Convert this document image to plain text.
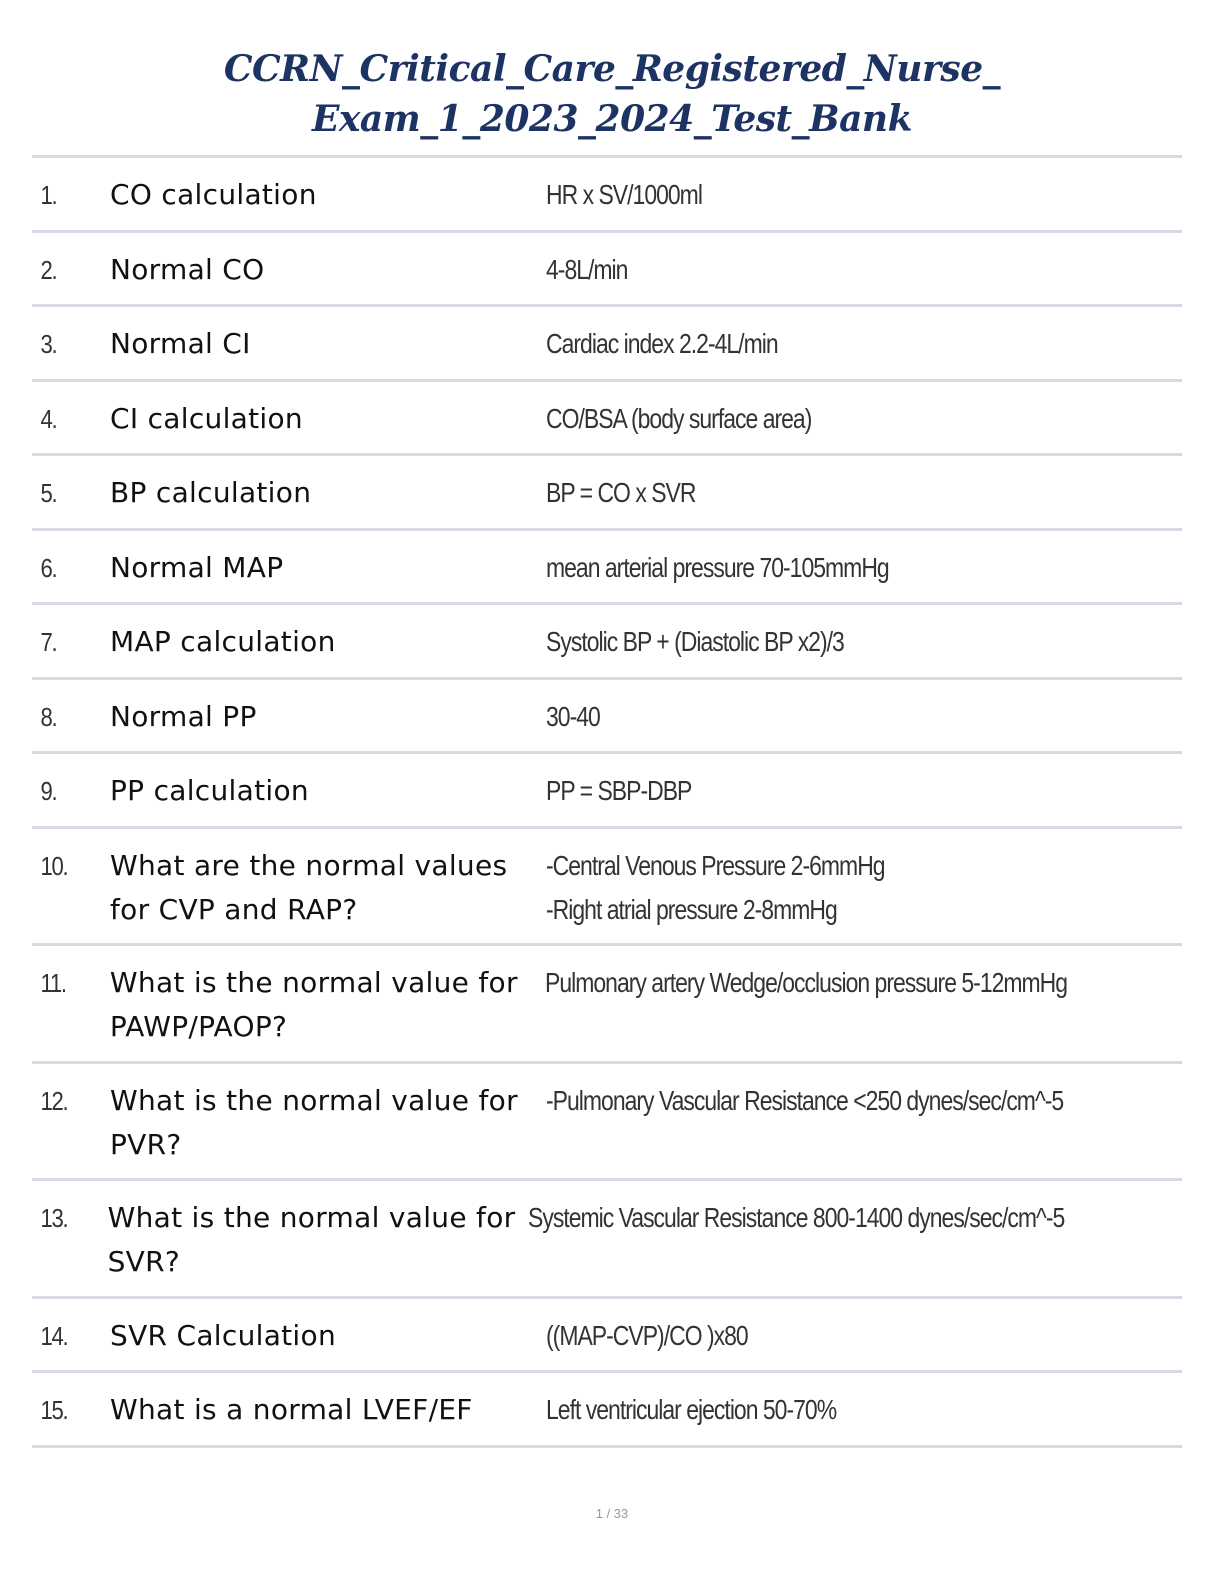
CCRN_Critical_Care_Registered_Nurse_
Exam_1_2023_2024_Test_Bank
1.	CO calculation	HR x SV/1000ml
2.	Normal CO	4-8L/min
3.	Normal CI	Cardiac index 2.2-4L/min
4.	CI calculation	CO/BSA (body surface area)
5.	BP calculation	BP = CO x SVR
6.	Normal MAP	mean arterial pressure 70-105mmHg
7.	MAP calculation	Systolic BP + (Diastolic BP x2)/3
8.	Normal PP	30-40
9.	PP calculation	PP = SBP-DBP
10.	What are the normal values for CVP and RAP?
-Central Venous Pressure 2-6mmHg
-Right atrial pressure 2-8mmHg
11.	What is the normal value for PAWP/PAOP?
Pulmonary artery Wedge/occlusion pressure 5-12mmHg
12.	What is the normal value for PVR?
-Pulmonary Vascular Resistance <250 dynes/sec/cm^-5
13.	What is the normal value for SVR?
Systemic Vascular Resistance 800-1400 dynes/sec/cm^-5
14.	SVR Calculation	((MAP-CVP)/CO )x80
15.	What is a normal LVEF/EF	Left ventricular ejection 50-70%
1 / 33
